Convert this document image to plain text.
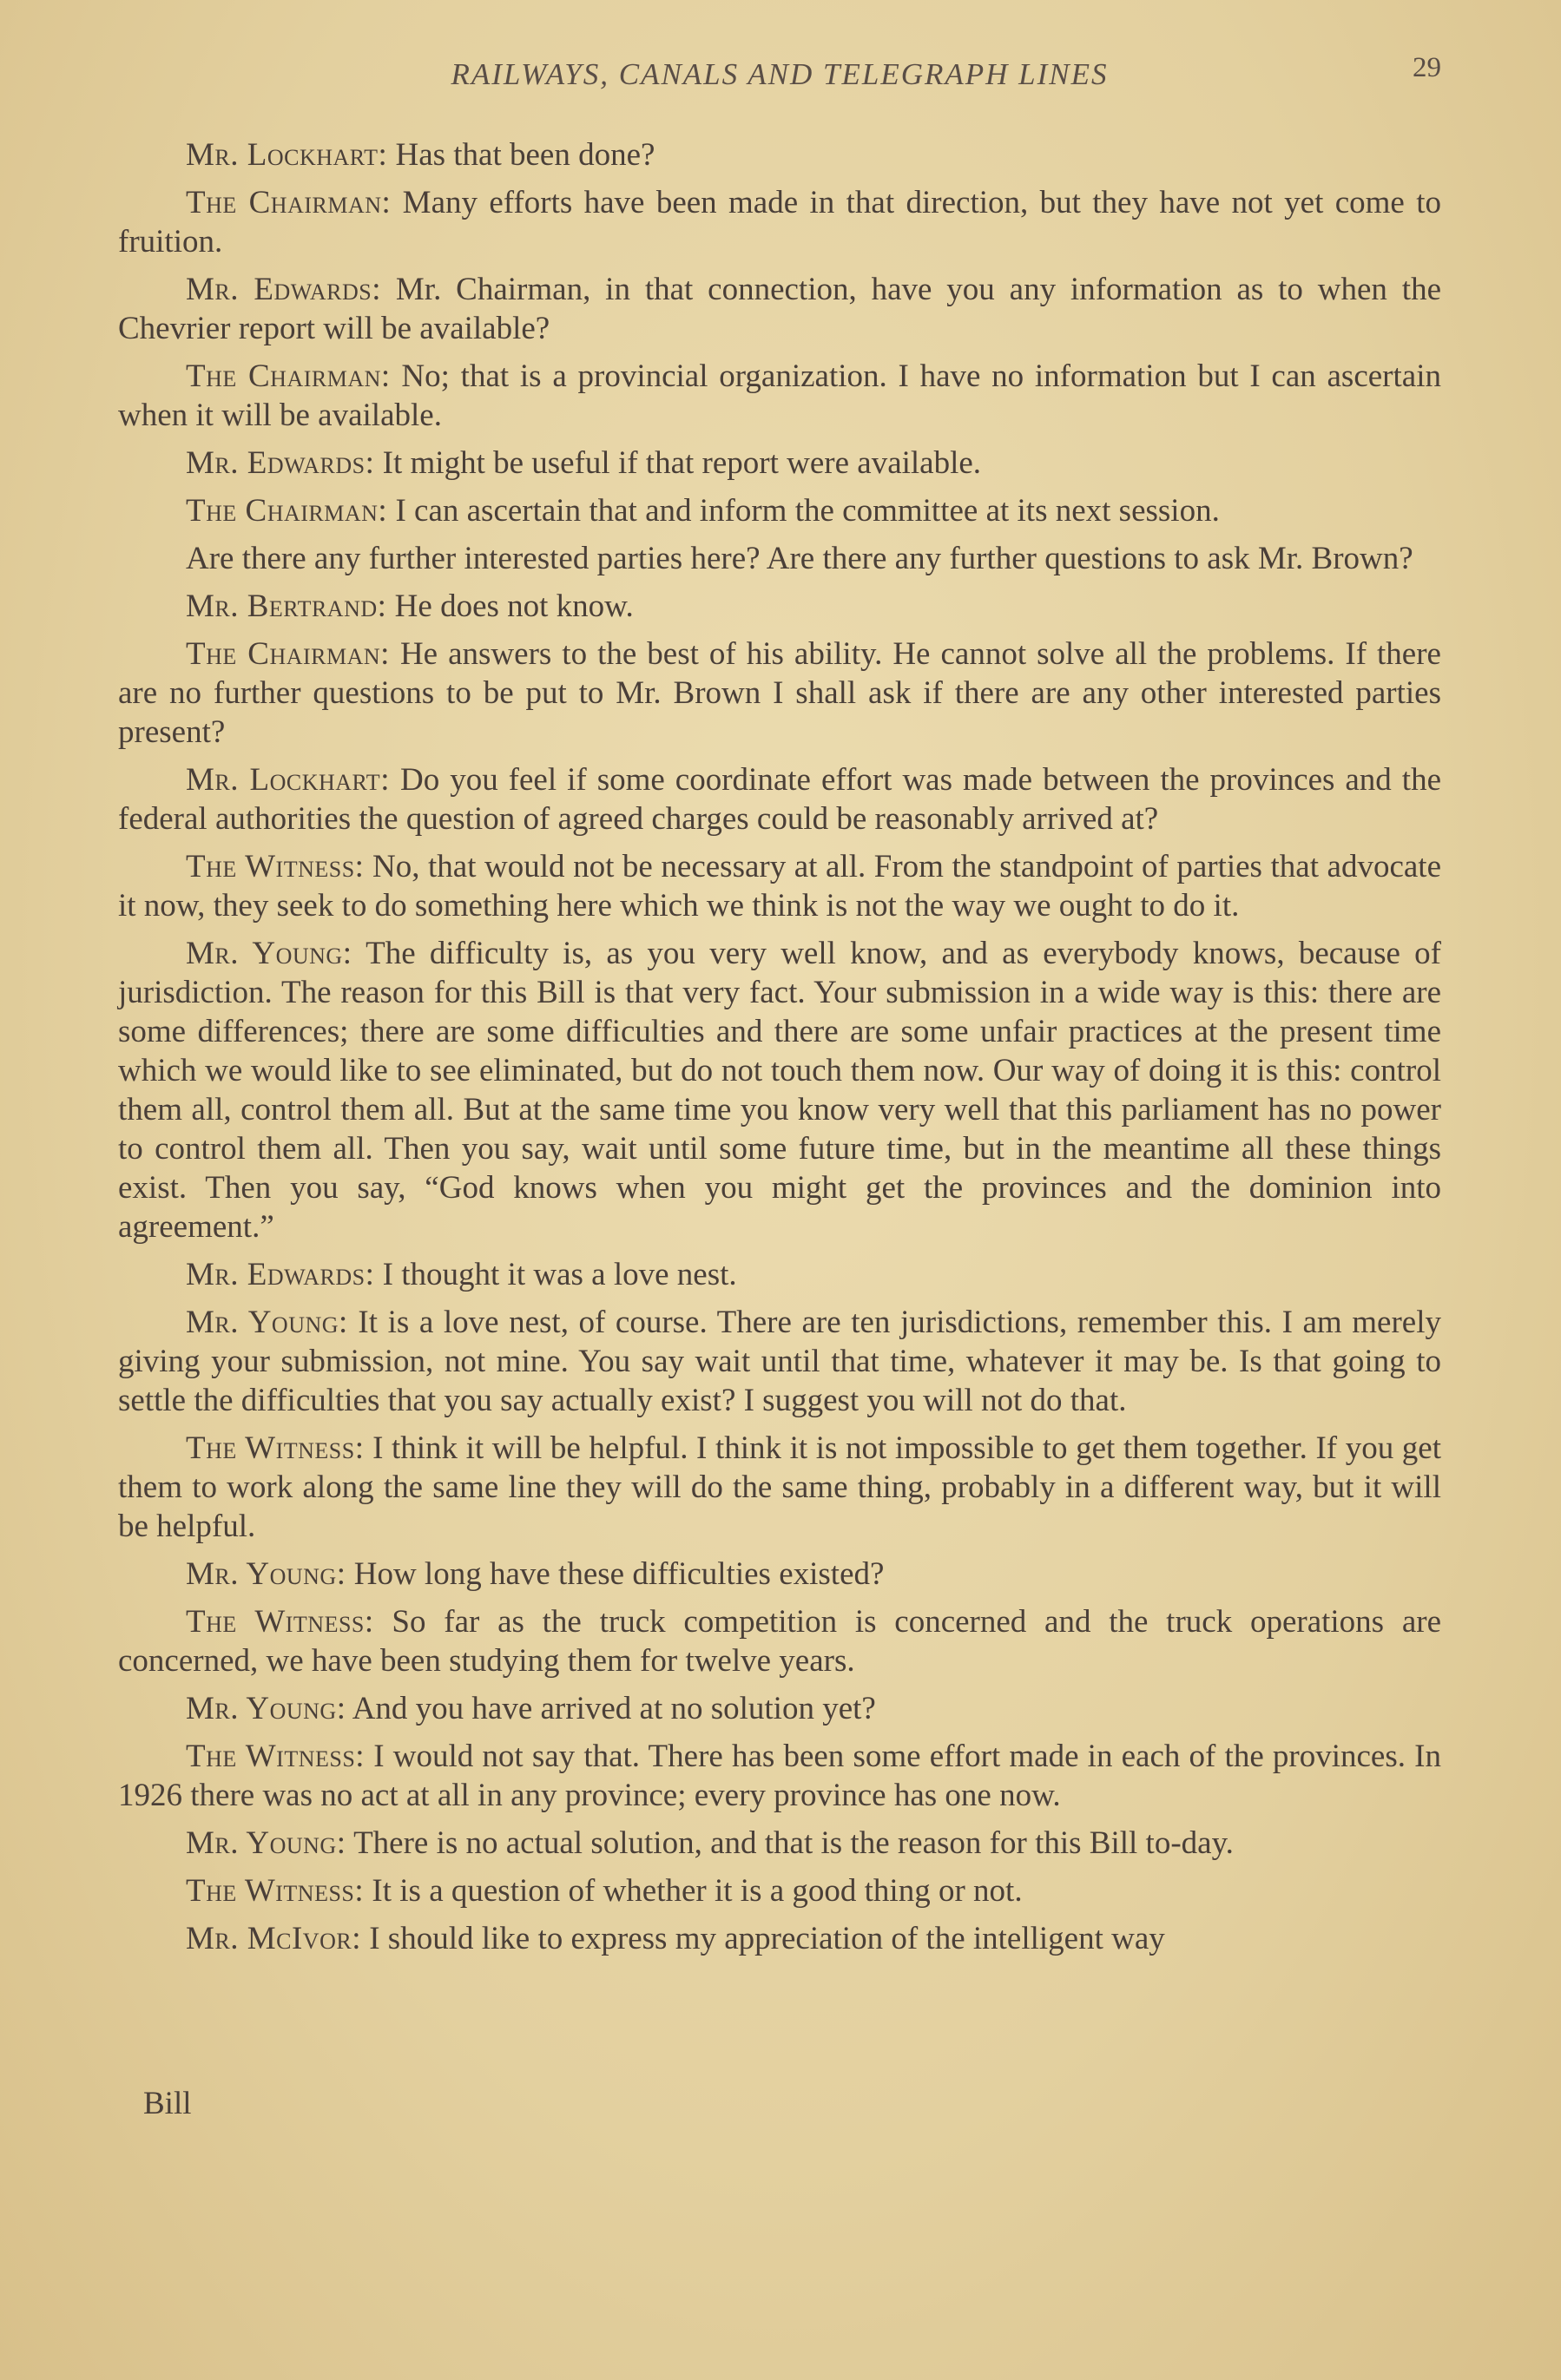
RAILWAYS, CANALS AND TELEGRAPH LINES	29

Mr. Lockhart: Has that been done?

The Chairman: Many efforts have been made in that direction, but they have not yet come to fruition.

Mr. Edwards: Mr. Chairman, in that connection, have you any information as to when the Chevrier report will be available?

The Chairman: No; that is a provincial organization. I have no information but I can ascertain when it will be available.

Mr. Edwards: It might be useful if that report were available.

The Chairman: I can ascertain that and inform the committee at its next session.

Are there any further interested parties here? Are there any further questions to ask Mr. Brown?

Mr. Bertrand: He does not know.

The Chairman: He answers to the best of his ability. He cannot solve all the problems. If there are no further questions to be put to Mr. Brown I shall ask if there are any other interested parties present?

Mr. Lockhart: Do you feel if some coordinate effort was made between the provinces and the federal authorities the question of agreed charges could be reasonably arrived at?

The Witness: No, that would not be necessary at all. From the standpoint of parties that advocate it now, they seek to do something here which we think is not the way we ought to do it.

Mr. Young: The difficulty is, as you very well know, and as everybody knows, because of jurisdiction. The reason for this Bill is that very fact. Your submission in a wide way is this: there are some differences; there are some difficulties and there are some unfair practices at the present time which we would like to see eliminated, but do not touch them now. Our way of doing it is this: control them all, control them all. But at the same time you know very well that this parliament has no power to control them all. Then you say, wait until some future time, but in the meantime all these things exist. Then you say, “God knows when you might get the provinces and the dominion into agreement.”

Mr. Edwards: I thought it was a love nest.

Mr. Young: It is a love nest, of course. There are ten jurisdictions, remember this. I am merely giving your submission, not mine. You say wait until that time, whatever it may be. Is that going to settle the difficulties that you say actually exist? I suggest you will not do that.

The Witness: I think it will be helpful. I think it is not impossible to get them together. If you get them to work along the same line they will do the same thing, probably in a different way, but it will be helpful.

Mr. Young: How long have these difficulties existed?

The Witness: So far as the truck competition is concerned and the truck operations are concerned, we have been studying them for twelve years.

Mr. Young: And you have arrived at no solution yet?

The Witness: I would not say that. There has been some effort made in each of the provinces. In 1926 there was no act at all in any province; every province has one now.

Mr. Young: There is no actual solution, and that is the reason for this Bill to-day.

The Witness: It is a question of whether it is a good thing or not.

Mr. McIvor: I should like to express my appreciation of the intelligent way

Bill
